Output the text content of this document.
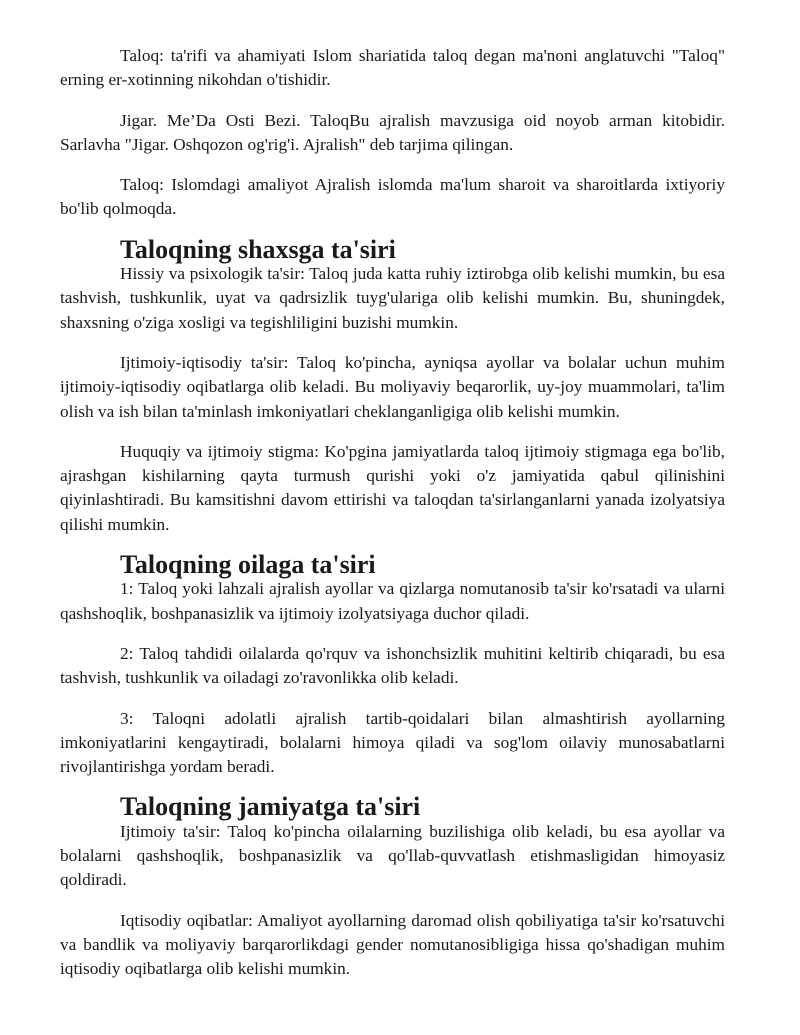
Taloq: ta'rifi va ahamiyati Islom shariatida taloq degan ma'noni anglatuvchi "Taloq" erning er-xotinning nikohdan o'tishidir.

Jigar. Me’Da Osti Bezi. TaloqBu ajralish mavzusiga oid noyob arman kitobidir. Sarlavha "Jigar. Oshqozon og'rig'i. Ajralish" deb tarjima qilingan.

Taloq: Islomdagi amaliyot Ajralish islomda ma'lum sharoit va sharoitlarda ixtiyoriy bo'lib qolmoqda.

Taloqning shaxsga ta'siri

Hissiy va psixologik ta'sir: Taloq juda katta ruhiy iztirobga olib kelishi mumkin, bu esa tashvish, tushkunlik, uyat va qadrsizlik tuyg'ulariga olib kelishi mumkin. Bu, shuningdek, shaxsning o'ziga xosligi va tegishliligini buzishi mumkin.

Ijtimoiy-iqtisodiy ta'sir: Taloq ko'pincha, ayniqsa ayollar va bolalar uchun muhim ijtimoiy-iqtisodiy oqibatlarga olib keladi. Bu moliyaviy beqarorlik, uy-joy muammolari, ta'lim olish va ish bilan ta'minlash imkoniyatlari cheklanganligiga olib kelishi mumkin.

Huquqiy va ijtimoiy stigma: Ko'pgina jamiyatlarda taloq ijtimoiy stigmaga ega bo'lib, ajrashgan kishilarning qayta turmush qurishi yoki o'z jamiyatida qabul qilinishini qiyinlashtiradi. Bu kamsitishni davom ettirishi va taloqdan ta'sirlanganlarni yanada izolyatsiya qilishi mumkin.

Taloqning oilaga ta'siri

1: Taloq yoki lahzali ajralish ayollar va qizlarga nomutanosib ta'sir ko'rsatadi va ularni qashshoqlik, boshpanasizlik va ijtimoiy izolyatsiyaga duchor qiladi.

2: Taloq tahdidi oilalarda qo'rquv va ishonchsizlik muhitini keltirib chiqaradi, bu esa tashvish, tushkunlik va oiladagi zo'ravonlikka olib keladi.

3: Taloqni adolatli ajralish tartib-qoidalari bilan almashtirish ayollarning imkoniyatlarini kengaytiradi, bolalarni himoya qiladi va sog'lom oilaviy munosabatlarni rivojlantirishga yordam beradi.

Taloqning jamiyatga ta'siri

Ijtimoiy ta'sir: Taloq ko'pincha oilalarning buzilishiga olib keladi, bu esa ayollar va bolalarni qashshoqlik, boshpanasizlik va qo'llab-quvvatlash etishmasligidan himoyasiz qoldiradi.

Iqtisodiy oqibatlar: Amaliyot ayollarning daromad olish qobiliyatiga ta'sir ko'rsatuvchi va bandlik va moliyaviy barqarorlikdagi gender nomutanosibligiga hissa qo'shadigan muhim iqtisodiy oqibatlarga olib kelishi mumkin.
